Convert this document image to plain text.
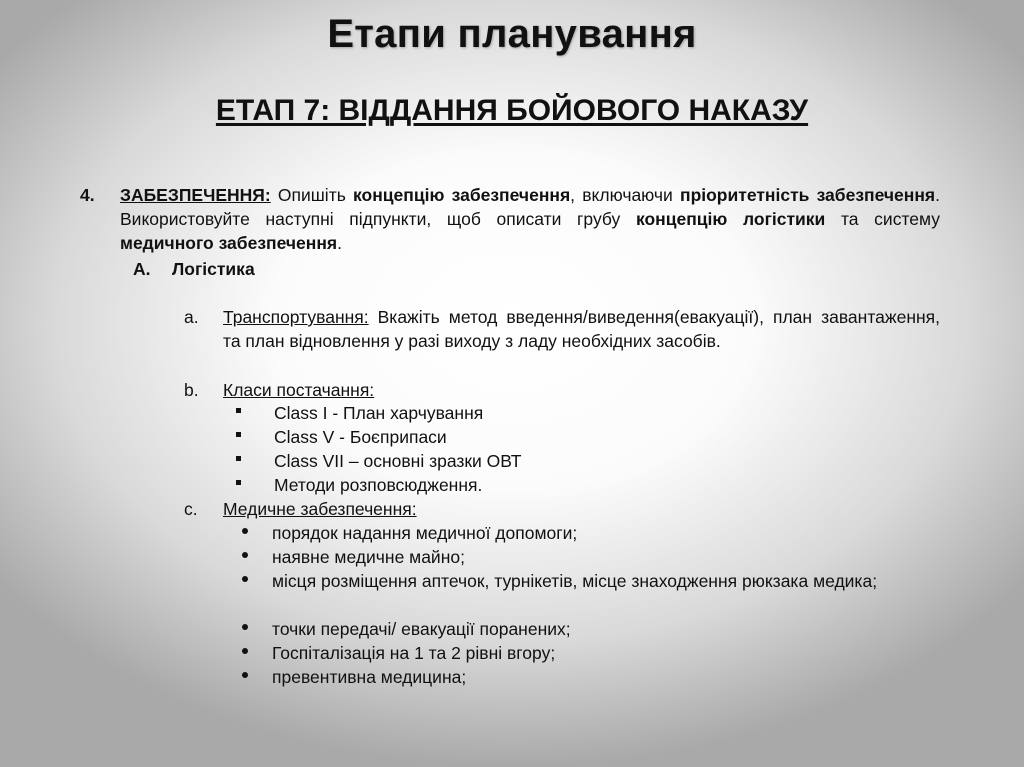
Етапи планування
ЕТАП 7: ВІДДАННЯ БОЙОВОГО НАКАЗУ
4. ЗАБЕЗПЕЧЕННЯ: Опишіть концепцію забезпечення, включаючи пріоритетність забезпечення. Використовуйте наступні підпункти, щоб описати грубу концепцію логістики та систему медичного забезпечення.
A. Логістика
a. Транспортування: Вкажіть метод введення/виведення(евакуації), план завантаження, та план відновлення у разі виходу з ладу необхідних засобів.
b. Класи постачання:
Class I - План харчування
Class V - Боєприпаси
Class VII – основні зразки ОВТ
Методи розповсюдження.
c. Медичне забезпечення:
порядок надання медичної допомоги;
наявне медичне майно;
місця розміщення аптечок, турнікетів, місце знаходження рюкзака медика;
точки передачі/ евакуації поранених;
Госпіталізація на 1 та 2 рівні вгору;
превентивна медицина;
